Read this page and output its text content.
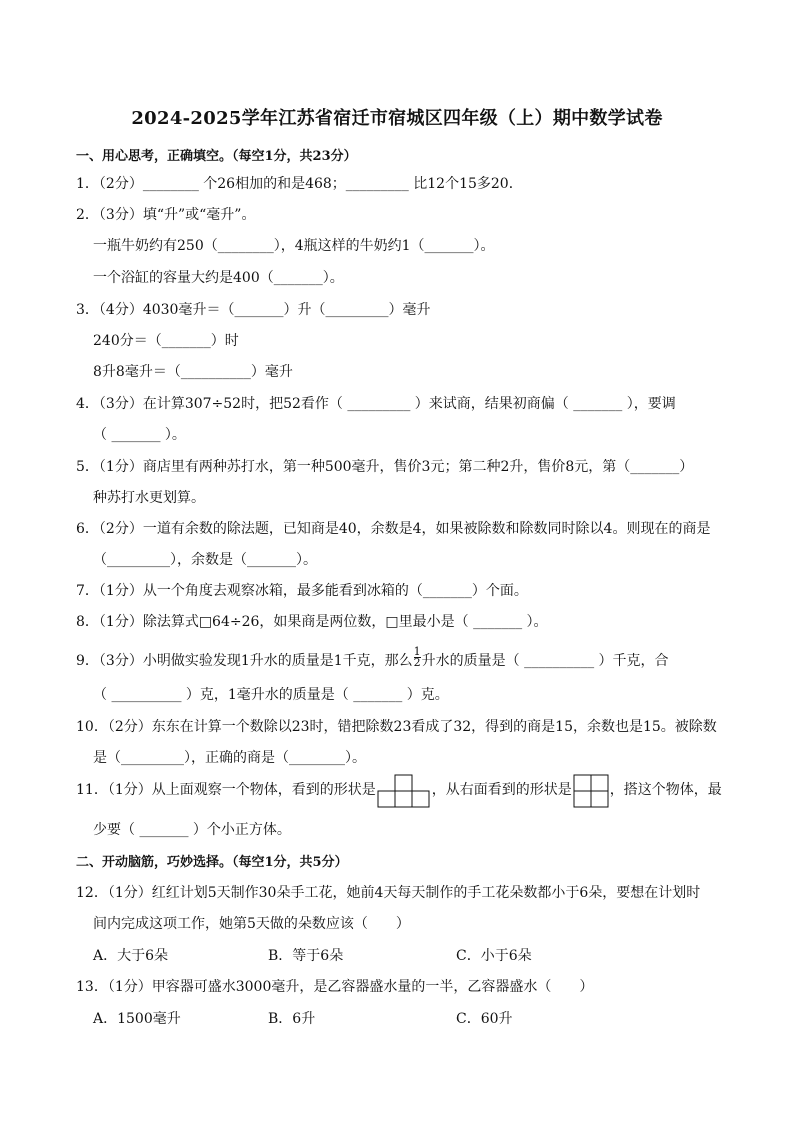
2024-2025学年江苏省宿迁市宿城区四年级（上）期中数学试卷
一、用心思考，正确填空。（每空1分，共23分）
1．（2分）________ 个26相加的和是468；_________ 比12个15多20．
2．（3分）填“升”或“毫升”。
一瓶牛奶约有250（________），4瓶这样的牛奶约1（_______）。
一个浴缸的容量大约是400（_______）。
3．（4分）4030毫升＝（_______）升（_________）毫升
240分＝（_______）时
8升8毫升＝（__________）毫升
4．（3分）在计算307÷52时，把52看作（ _________ ）来试商，结果初商偏（ _______ ），要调
（ _______ ）。
5．（1分）商店里有两种苏打水，第一种500毫升，售价3元；第二种2升，售价8元，第（_______）
种苏打水更划算。
6．（2分）一道有余数的除法题，已知商是40，余数是4，如果被除数和除数同时除以4。则现在的商是
（_________），余数是（_______）。
7．（1分）从一个角度去观察冰箱，最多能看到冰箱的（_______）个面。
8．（1分）除法算式□64÷26，如果商是两位数，□里最小是（ _______ ）。
9．（3分）小明做实验发现1升水的质量是1千克，那么 $\frac{1}{2}$ 升水的质量是（ __________ ）千克，合
（ __________ ）克，1毫升水的质量是（ _______ ）克。
10．（2分）东东在计算一个数除以23时，错把除数23看成了32，得到的商是15，余数也是15。被除数
是（_________），正确的商是（________）。
11．（1分）从上面观察一个物体，看到的形状是	，从右面看到的形状是	，搭这个物体，最
少要（ _______ ）个小正方体。
二、开动脑筋，巧妙选择。（每空1分，共5分）
12．（1分）红红计划5天制作30朵手工花，她前4天每天制作的手工花朵数都小于6朵，要想在计划时
间内完成这项工作，她第5天做的朵数应该（　　）
A．大于6朵	B．等于6朵	C．小于6朵
13．（1分）甲容器可盛水3000毫升，是乙容器盛水量的一半，乙容器盛水（　　）
A．1500毫升	B．6升	C．60升
